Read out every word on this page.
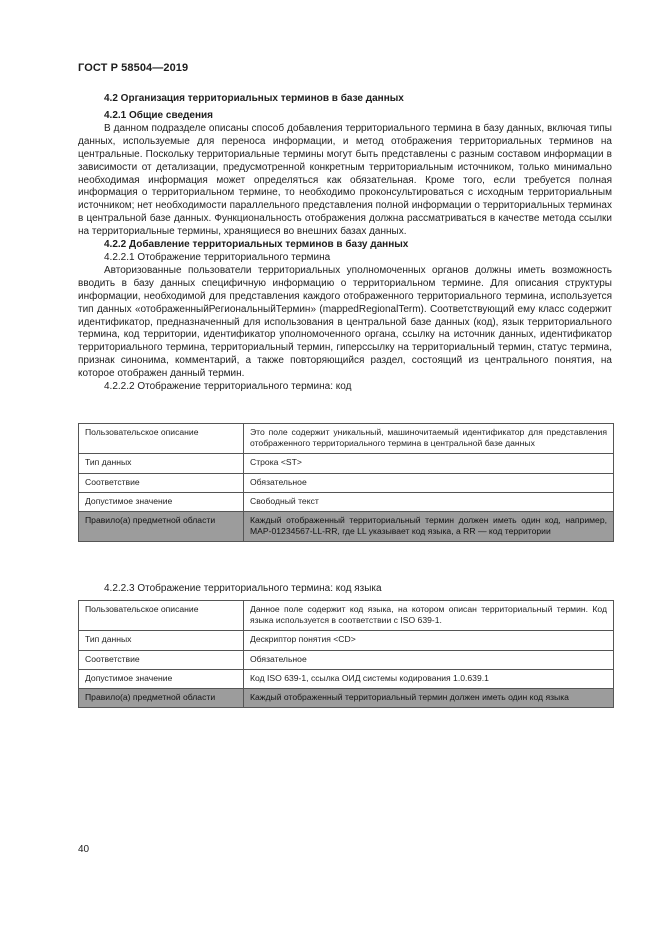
ГОСТ Р 58504—2019
4.2 Организация территориальных терминов в базе данных
4.2.1 Общие сведения

В данном подразделе описаны способ добавления территориального термина в базу данных, включая типы данных, используемые для переноса информации, и метод отображения территориальных терминов на центральные. Поскольку территориальные термины могут быть представлены с разным составом информации в зависимости от детализации, предусмотренной конкретным территориальным источником, только минимально необходимая информация может определяться как обязательная. Кроме того, если требуется полная информация о территориальном термине, то необходимо проконсультироваться с исходным территориальным источником; нет необходимости параллельного представления полной информации о территориальных терминах в центральной базе данных. Функциональность отображения должна рассматриваться в качестве метода ссылки на территориальные термины, хранящиеся во внешних базах данных.

4.2.2 Добавление территориальных терминов в базу данных
4.2.2.1 Отображение территориального термина

Авторизованные пользователи территориальных уполномоченных органов должны иметь возможность вводить в базу данных специфичную информацию о территориальном термине. Для описания структуры информации, необходимой для представления каждого отображенного территориального термина, используется тип данных «отображенныйРегиональныйТермин» (mappedRegionalTerm). Соответствующий ему класс содержит идентификатор, предназначенный для использования в центральной базе данных (код), язык территориального термина, код территории, идентификатор уполномоченного органа, ссылку на источник данных, идентификатор территориального термина, территориальный термин, гиперссылку на территориальный термин, статус термина, признак синонима, комментарий, а также повторяющийся раздел, состоящий из центрального понятия, на которое отображен данный термин.

4.2.2.2 Отображение территориального термина: код
Пользовательское описание	Это поле содержит уникальный, машиночитаемый идентификатор для представления отображенного территориального термина в центральной базе данных
Тип данных	Строка <ST>
Соответствие	Обязательное
Допустимое значение	Свободный текст
Правило(а) предметной области	Каждый отображенный территориальный термин должен иметь один код, например, MAP-01234567-LL-RR, где LL указывает код языка, а RR — код территории
4.2.2.3 Отображение территориального термина: код языка
Пользовательское описание	Данное поле содержит код языка, на котором описан территориальный термин. Код языка используется в соответствии с ISO 639-1.
Тип данных	Дескриптор понятия <CD>
Соответствие	Обязательное
Допустимое значение	Код ISO 639-1, ссылка ОИД системы кодирования 1.0.639.1
Правило(а) предметной области	Каждый отображенный территориальный термин должен иметь один код языка
40
